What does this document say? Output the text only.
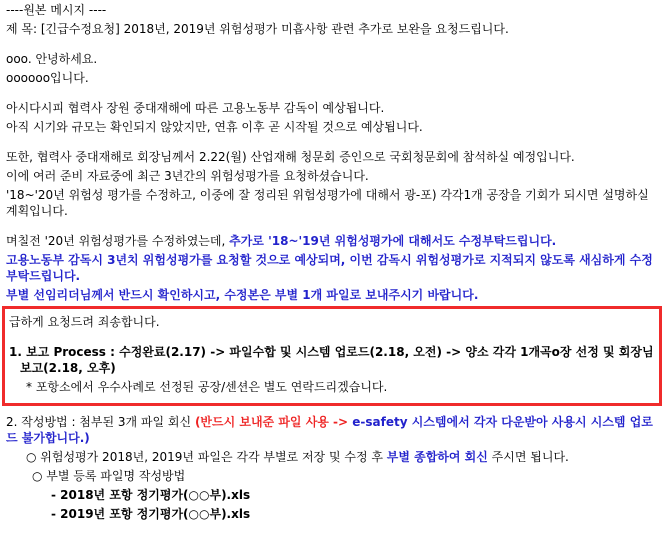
----원본 메시지 ----

제 목: [긴급수정요청] 2018년, 2019년 위험성평가 미흡사항 관련 추가로 보완을 요청드립니다.

ooo. 안녕하세요.

oooooo입니다.

아시다시피 협력사 장원 중대재해에 따른 고용노동부 감독이 예상됩니다.

아직 시기와 규모는 확인되지 않았지만, 연휴 이후 곧 시작될 것으로 예상됩니다.

또한, 협력사 중대재해로 회장님께서 2.22(월) 산업재해 청문회 증인으로 국회청문회에 참석하실 예정입니다.

이에 여러 준비 자료중에 최근 3년간의 위험성평가를 요청하셨습니다.

'18~'20년 위험성 평가를 수정하고, 이중에 잘 정리된 위험성평가에 대해서 광-포) 각각1개 공장을 기회가 되시면 설명하실 계획입니다.

며칠전 '20년 위험성평가를 수정하였는데, 추가로 '18~'19년 위험성평가에 대해서도 수정부탁드립니다.

고용노동부 감독시 3년치 위험성평가를 요청할 것으로 예상되며, 이번 감독시 위험성평가로 지적되지 않도록 새심하게 수정 부탁드립니다.

부별 선임리더님께서 반드시 확인하시고, 수정본은 부별 1개 파일로 보내주시기 바랍니다.

급하게 요청드려 죄송합니다.

1. 보고 Process : 수정완료(2.17) -> 파일수합 및 시스템 업로드(2.18, 오전) -> 양소 각각 1개곡o장 선정 및 회장님 보고(2.18, 오후)

* 포항소에서 우수사례로 선정된 공장/센션은 별도 연락드리겠습니다.

2. 작성방법 : 첨부된 3개 파일 회신 (반드시 보내준 파일 사용 -> e-safety 시스템에서 각자 다운받아 사용시 시스템 업로드 불가합니다.)

○ 위험성평가 2018년, 2019년 파일은 각각 부별로 저장 및 수정 후 부별 종합하여 회신 주시면 됩니다.

○ 부별 등록 파일명 작성방법

- 2018년 포항 정기평가(○○부).xls

- 2019년 포항 정기평가(○○부).xls
